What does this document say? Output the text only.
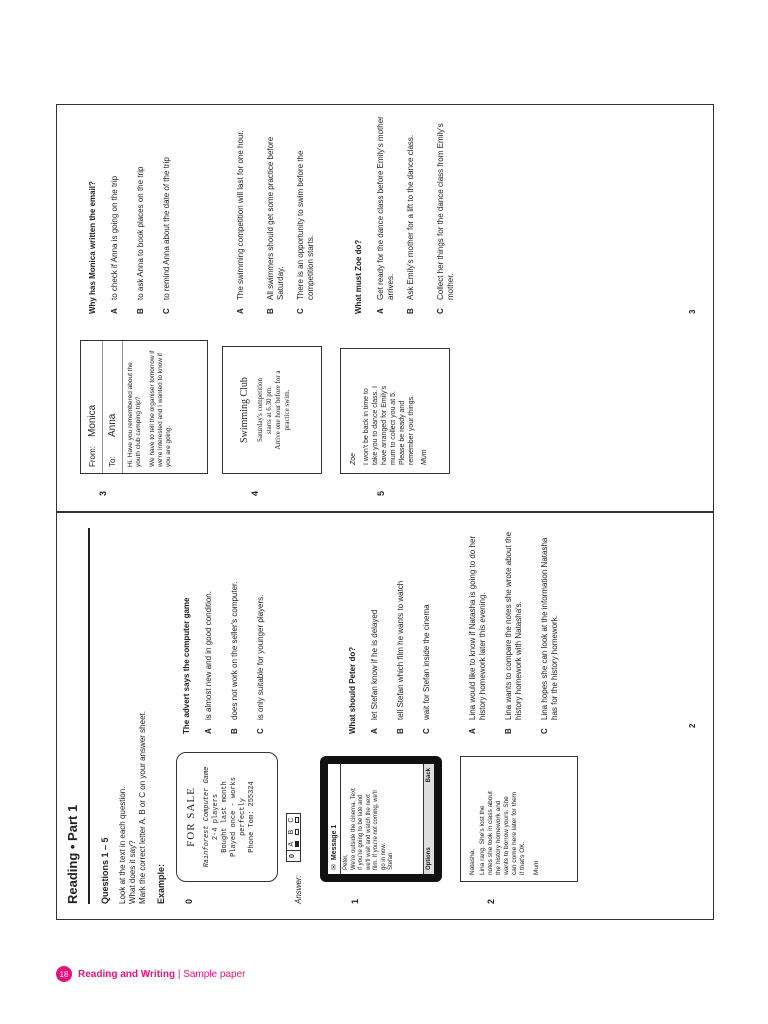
Reading • Part 1 Questions 1 – 5 Look at the text in each question. What does it say? Mark the correct letter A, B or C on your answer sheet. Example: 0
FOR SALE Rainforest Computer Game 2-4 players Bought last month Played once - works perfectly Phone Tom: 255324
The advert says the computer game A
is almost new and in good condition.
B
does not work on the seller's computer.
C
is only suitable for younger players.
Answer:
0
A
B
C
1
✉
Message 1
Peter, We're outside the cinema. Text if you're going to be late and we'll wait and watch the next film. If you're not coming, we'll go in now. Stefan	Options
Back
What should Peter do? A
let Stefan know if he is delayed
B
tell Stefan which film he wants to watch
C
wait for Stefan inside the cinema
2
Natasha, Lina rang. She's lost the notes she took in class about the history homework and wants to borrow yours. She can come here later for them if that's OK. Mum
A
Lina would like to know if Natasha is going to do her history homework later this evening.
B
Lina wants to compare the notes she wrote about the history homework with Natasha's.
C
Lina hopes she can look at the information Natasha has for the history homework.
2
3
From:
Monica
To:
Anna	Hi. Have you remembered about the youth club camping trip?	We have to tell the organiser tomorrow if we're interested and I wanted to know if you are going.
Why has Monica written the email? A
to check if Anna is going on the trip
B
to ask Anna to book places on the trip
C
to remind Anna about the date of the trip
4
Swimming Club Saturday's competition starts at 6.30 pm. Arrive one hour before for a practice swim.
A
The swimming competition will last for one hour.
B
All swimmers should get some practice before Saturday.
C
There is an opportunity to swim before the competition starts.
5
Zoe I won't be back in time to take you to dance class. I have arranged for Emily's mum to collect you at 5. Please be ready and remember your things. Mum
What must Zoe do? A
Get ready for the dance class before Emily's mother arrives.
B
Ask Emily's mother for a lift to the dance class.
C
Collect her things for the dance class from Emily's mother.
3
18 Reading and Writing | Sample paper
